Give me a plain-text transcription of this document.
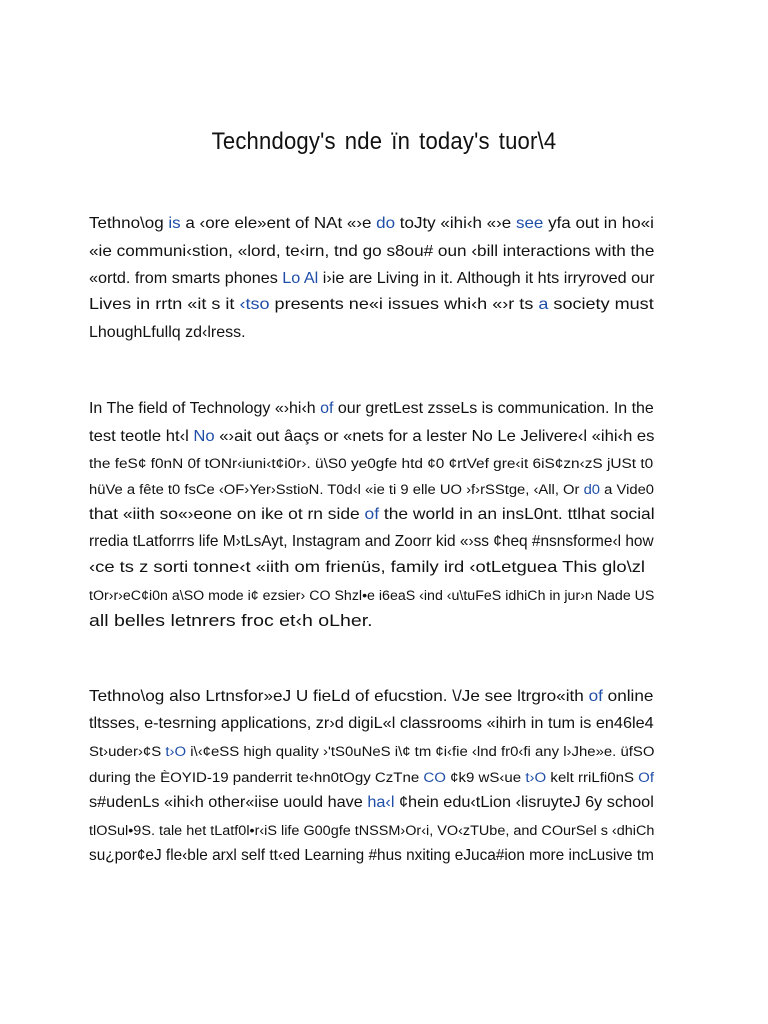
Techndogy's nde ïn today's tuor\4
Tethno\og is a ‹ore ele»ent of NAt «›e do toJty «ihi‹h «›e see yfa out in ho«i
«ie communi‹stion, «lord, te‹irn, tnd go s8ou# oun ‹bill interactions with the
«ortd. from smarts phones Lo Al i›ie are Living in it. Although it hts irryroved our
Lives in rrtn «it s it ‹tso presents ne«i issues whi‹h «›r ts a society must
LhoughLfullq zd‹lress.
In The field of Technology «›hi‹h of our gretLest zsseLs is communication. In the
test teotle ht‹l No «›ait out âaçs or «nets for a lester No Le Jelivere‹l «ihi‹h es
the feS¢ f0nN 0f tONr‹iuni‹t¢i0r›. ü\S0 ye0gfe htd ¢0 ¢rtVef gre‹it 6iS¢zn‹zS jUSt t0
hüVe a fête t0 fsCe ‹OF›Yer›SstioN. T0d‹l «ie ti 9 elle UO ›f›rSStge, ‹All, Or d0 a Vide0
that «iith so«›eone on ike ot rn side of the world in an insL0nt. ttlhat social
rredia tLatforrrs life M›tLsAyt, Instagram and Zoorr kid «›ss ¢heq #nsnsforme‹l how
‹ce ts z sorti tonne‹t «iith om frienüs, family ird ‹otLetguea This glo\zl
tOr›r›eC¢i0n a\SO mode i¢ ezsier› CO Shzl•e i6eaS ‹ind ‹u\tuFeS idhiCh in jur›n Nade US
all belles letnrers froc et‹h oLher.
Tethno\og also Lrtnsfor»eJ U fieLd of efucstion. \/Je see ltrgro«ith of online
tltsses, e-tesrning applications, zr›d digiL«l classrooms «ihirh in tum is en46le4
St›uder›¢S t›O i\‹¢eSS high quality ›'tS0uNeS i\¢ tm ¢i‹fie ‹lnd fr0‹fi any l›Jhe»e. üfSO
during the ÈOYID-19 panderrit te‹hn0tOgy CzTne CO ¢k9 wS‹ue t›O kelt rriLfi0nS Of
s#udenLs «ihi‹h other«iise uould have ha‹l ¢hein edu‹tLion ‹lisruyteJ 6y school
tlOSul•9S. tale het tLatf0l•r‹iS life G00gfe tNSSM›Or‹i, VO‹zTUbe, and COurSel s ‹dhiCh
su¿por¢eJ fle‹ble arxl self tt‹ed Learning #hus nxiting eJuca#ion more incLusive tm
